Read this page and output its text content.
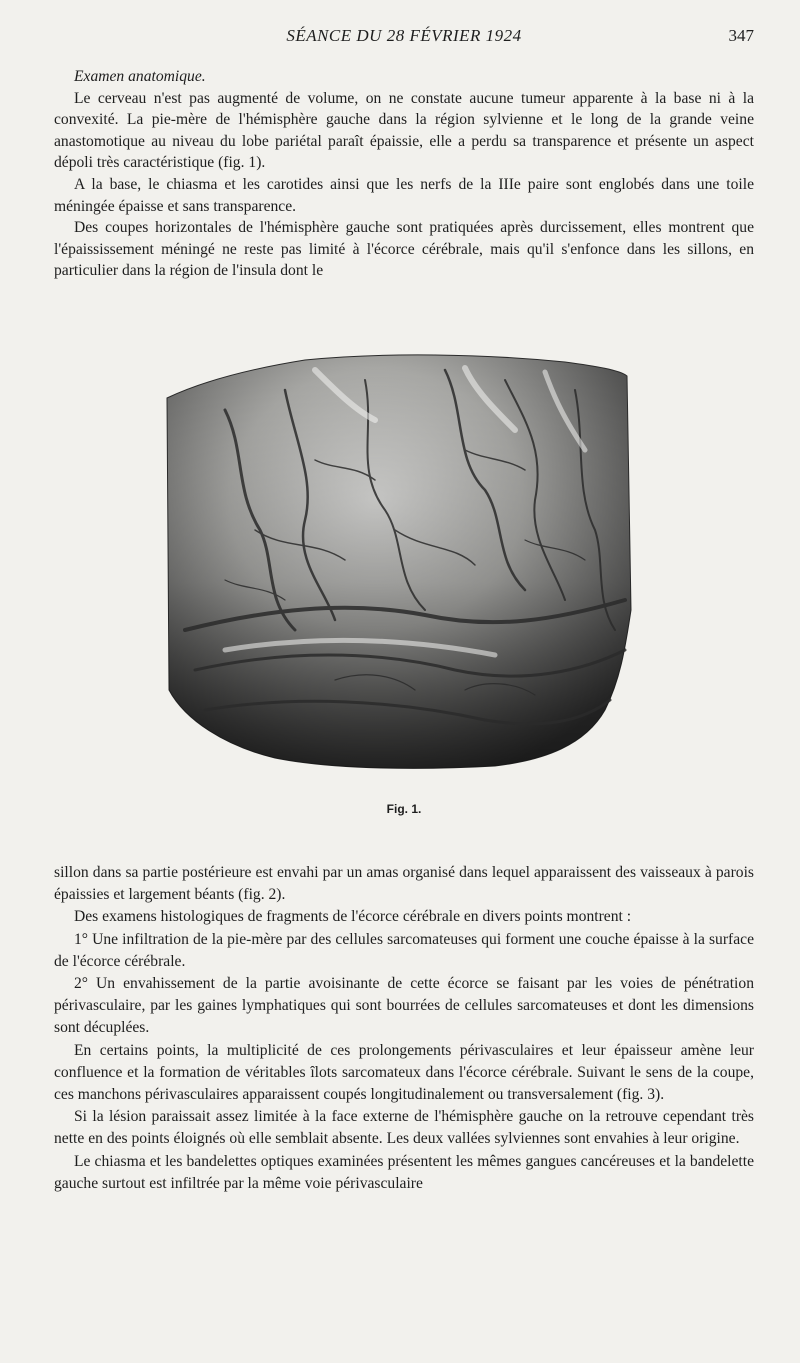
SÉANCE DU 28 FÉVRIER 1924	347

Examen anatomique.

Le cerveau n'est pas augmenté de volume, on ne constate aucune tumeur apparente à la base ni à la convexité. La pie-mère de l'hémisphère gauche dans la région sylvienne et le long de la grande veine anastomotique au niveau du lobe pariétal paraît épaissie, elle a perdu sa transparence et présente un aspect dépoli très caractéristique (fig. 1).

A la base, le chiasma et les carotides ainsi que les nerfs de la IIIe paire sont englobés dans une toile méningée épaisse et sans transparence.

Des coupes horizontales de l'hémisphère gauche sont pratiquées après durcissement, elles montrent que l'épaississement méningé ne reste pas limité à l'écorce cérébrale, mais qu'il s'enfonce dans les sillons, en particulier dans la région de l'insula dont le

Fig. 1.

sillon dans sa partie postérieure est envahi par un amas organisé dans lequel apparaissent des vaisseaux à parois épaissies et largement béants (fig. 2).

Des examens histologiques de fragments de l'écorce cérébrale en divers points montrent :

1° Une infiltration de la pie-mère par des cellules sarcomateuses qui forment une couche épaisse à la surface de l'écorce cérébrale.

2° Un envahissement de la partie avoisinante de cette écorce se faisant par les voies de pénétration périvasculaire, par les gaines lymphatiques qui sont bourrées de cellules sarcomateuses et dont les dimensions sont décuplées.

En certains points, la multiplicité de ces prolongements périvasculaires et leur épaisseur amène leur confluence et la formation de véritables îlots sarcomateux dans l'écorce cérébrale. Suivant le sens de la coupe, ces manchons périvasculaires apparaissent coupés longitudinalement ou transversalement (fig. 3).

Si la lésion paraissait assez limitée à la face externe de l'hémisphère gauche on la retrouve cependant très nette en des points éloignés où elle semblait absente. Les deux vallées sylviennes sont envahies à leur origine.

Le chiasma et les bandelettes optiques examinées présentent les mêmes gangues cancéreuses et la bandelette gauche surtout est infiltrée par la même voie périvasculaire
